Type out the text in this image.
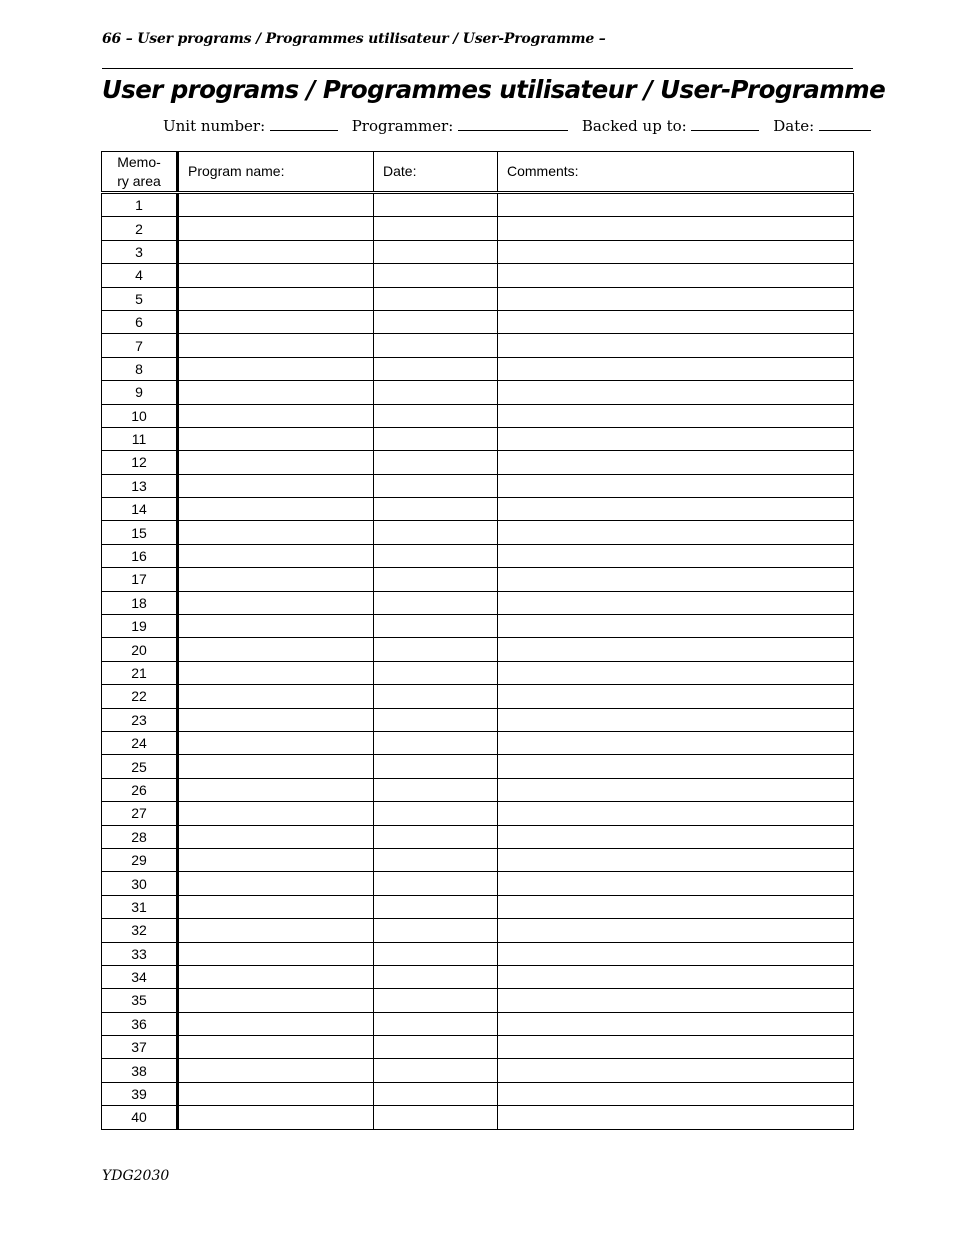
66 – User programs / Programmes utilisateur / User-Programme –
User programs / Programmes utilisateur / User-Programme
Unit number:	Programmer:	Backed up to:	Date:
Memo-
ry area	Program name:	Date:	Comments:
1			
2			
3			
4			
5			
6			
7			
8			
9			
10			
11			
12			
13			
14			
15			
16			
17			
18			
19			
20			
21			
22			
23			
24			
25			
26			
27			
28			
29			
30			
31			
32			
33			
34			
35			
36			
37			
38			
39			
40			
YDG2030
